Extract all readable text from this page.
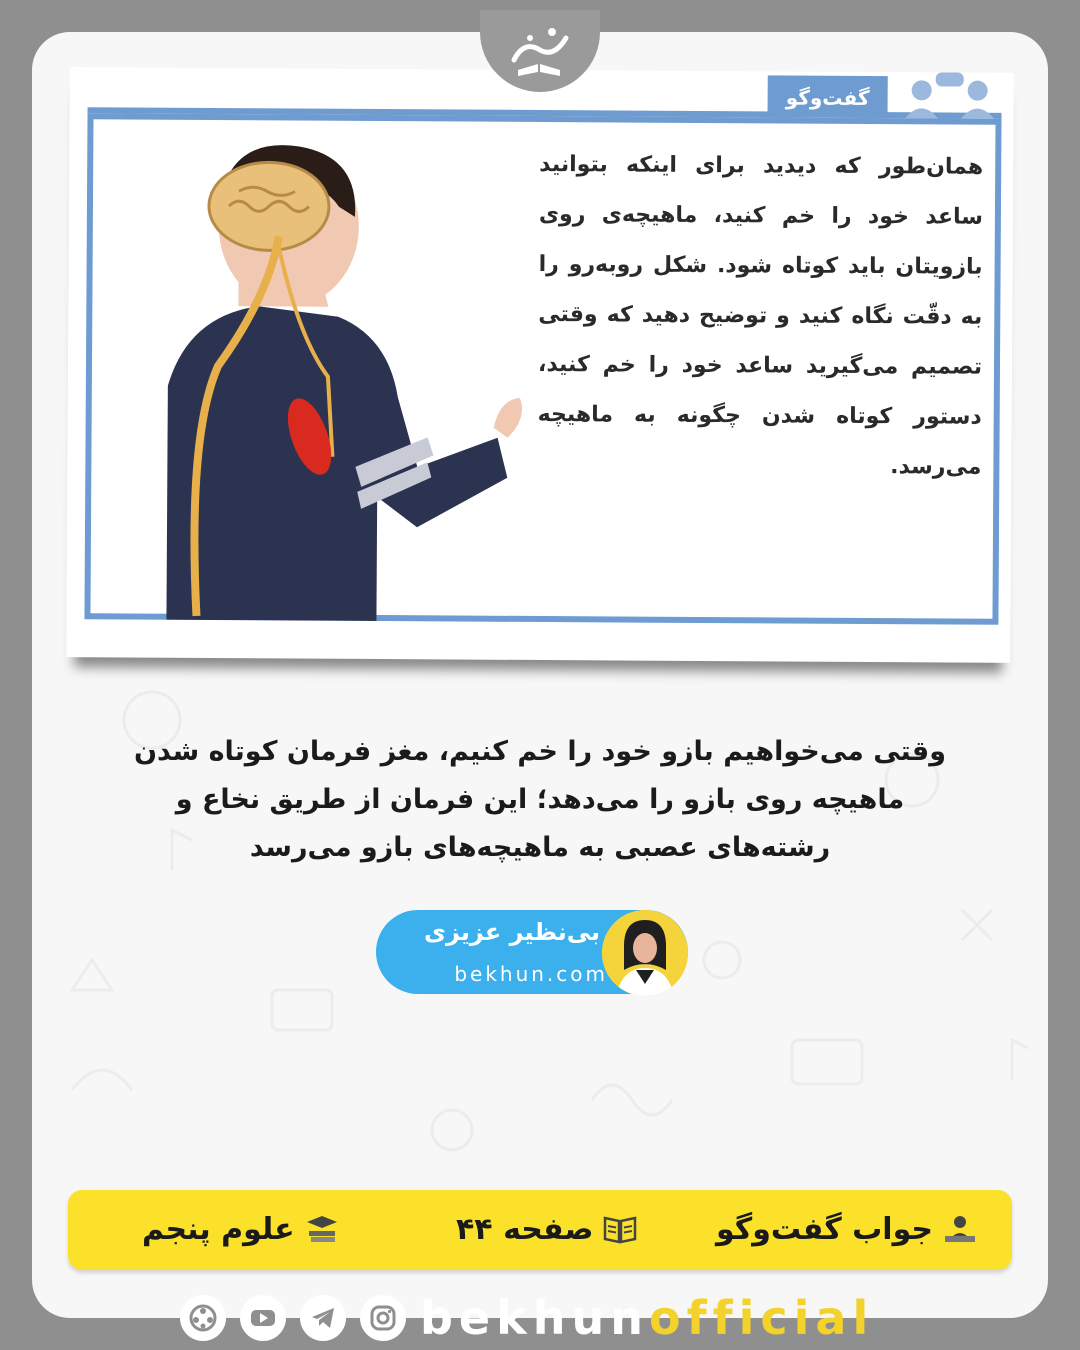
گفت‌وگو
همان‌طور که دیدید برای اینکه بتوانید ساعد خود را خم کنید، ماهیچه‌ی روی بازویتان باید کوتاه شود. شکل روبه‌رو را به دقّت نگاه کنید و توضیح دهید که وقتی تصمیم می‌گیرید ساعد خود را خم کنید، دستور کوتاه شدن چگونه به ماهیچه می‌رسد.
وقتی می‌خواهیم بازو خود را خم کنیم، مغز فرمان کوتاه شدن ماهیچه روی بازو را می‌دهد؛ این فرمان از طریق نخاع و رشته‌های عصبی به ماهیچه‌های بازو می‌رسد
بی‌نظیر عزیزی
bekhun.com
جواب گفت‌وگو
صفحه ۴۴
علوم پنجم
bekhunofficial
